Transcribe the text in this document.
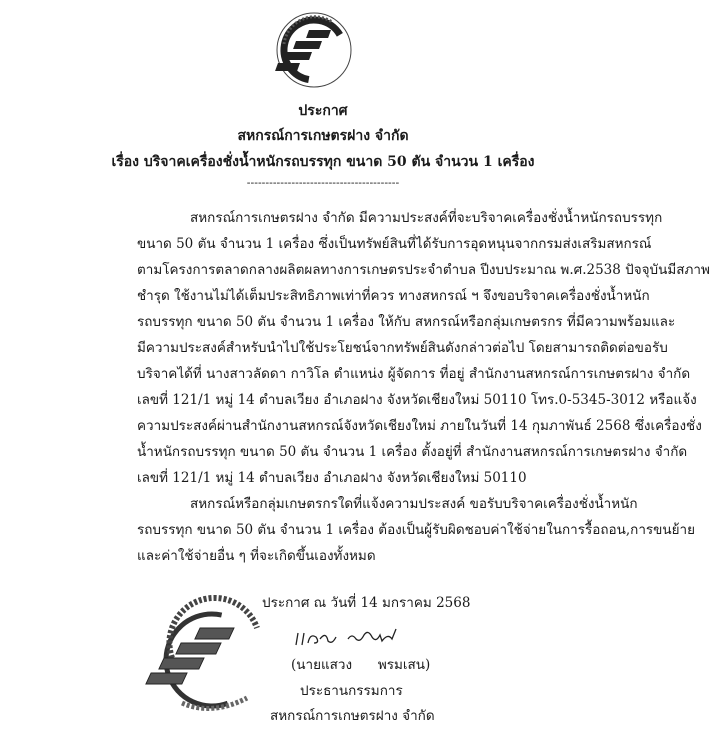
ประกาศ
สหกรณ์การเกษตรฝาง จำกัด
เรื่อง บริจาคเครื่องชั่งน้ำหนักรถบรรทุก ขนาด 50 ตัน จำนวน 1 เครื่อง
-----------------------------------------
สหกรณ์การเกษตรฝาง จำกัด มีความประสงค์ที่จะบริจาคเครื่องชั่งน้ำหนักรถบรรทุก
ขนาด 50 ตัน จำนวน 1 เครื่อง ซึ่งเป็นทรัพย์สินที่ได้รับการอุดหนุนจากกรมส่งเสริมสหกรณ์
ตามโครงการตลาดกลางผลิตผลทางการเกษตรประจำตำบล ปีงบประมาณ พ.ศ.2538 ปัจจุบันมีสภาพ
ชำรุด ใช้งานไม่ได้เต็มประสิทธิภาพเท่าที่ควร ทางสหกรณ์ ฯ จึงขอบริจาคเครื่องชั่งน้ำหนัก
รถบรรทุก ขนาด 50 ตัน จำนวน 1 เครื่อง ให้กับ สหกรณ์หรือกลุ่มเกษตรกร ที่มีความพร้อมและ
มีความประสงค์สำหรับนำไปใช้ประโยชน์จากทรัพย์สินดังกล่าวต่อไป โดยสามารถติดต่อขอรับ
บริจาคได้ที่ นางสาวลัดดา กาวิโล ตำแหน่ง ผู้จัดการ ที่อยู่ สำนักงานสหกรณ์การเกษตรฝาง จำกัด
เลขที่ 121/1 หมู่ 14 ตำบลเวียง อำเภอฝาง จังหวัดเชียงใหม่ 50110 โทร.0-5345-3012 หรือแจ้ง
ความประสงค์ผ่านสำนักงานสหกรณ์จังหวัดเชียงใหม่ ภายในวันที่ 14 กุมภาพันธ์ 2568 ซึ่งเครื่องชั่ง
น้ำหนักรถบรรทุก ขนาด 50 ตัน จำนวน 1 เครื่อง ตั้งอยู่ที่ สำนักงานสหกรณ์การเกษตรฝาง จำกัด
เลขที่ 121/1 หมู่ 14 ตำบลเวียง อำเภอฝาง จังหวัดเชียงใหม่ 50110
สหกรณ์หรือกลุ่มเกษตรกรใดที่แจ้งความประสงค์ ขอรับบริจาคเครื่องชั่งน้ำหนัก
รถบรรทุก ขนาด 50 ตัน จำนวน 1 เครื่อง ต้องเป็นผู้รับผิดชอบค่าใช้จ่ายในการรื้อถอน,การขนย้าย
และค่าใช้จ่ายอื่น ๆ ที่จะเกิดขึ้นเองทั้งหมด
ประกาศ ณ วันที่ 14 มกราคม 2568
(นายแสวง      พรมเสน)
ประธานกรรมการ
สหกรณ์การเกษตรฝาง จำกัด
